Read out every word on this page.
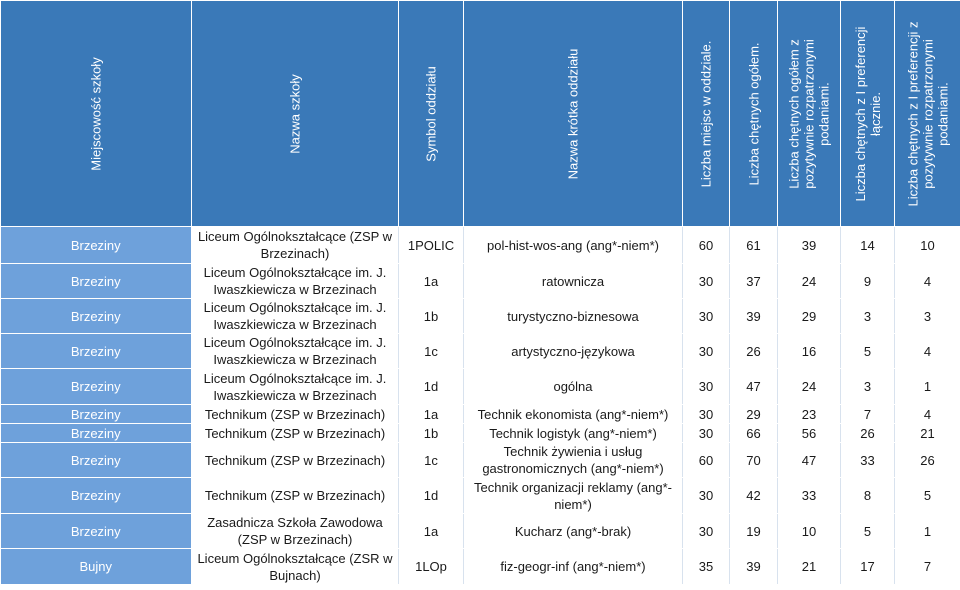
Miejscowość szkoły	Nazwa szkoły	Symbol oddziału	Nazwa krótka oddziału	Liczba miejsc w oddziale.	Liczba chętnych ogółem.	Liczba chętnych ogółem z pozytywnie rozpatrzonymi podaniami.	Liczba chętnych z I preferencji łącznie.	Liczba chętnych z I preferencji z pozytywnie rozpatrzonymi podaniami.

Brzeziny	Liceum Ogólnokształcące (ZSP w Brzezinach)	1POLIC	pol-hist-wos-ang (ang*-niem*)	60	61	39	14	10
Brzeziny	Liceum Ogólnokształcące im. J. Iwaszkiewicza w Brzezinach	1a	ratownicza	30	37	24	9	4
Brzeziny	Liceum Ogólnokształcące im. J. Iwaszkiewicza w Brzezinach	1b	turystyczno-biznesowa	30	39	29	3	3
Brzeziny	Liceum Ogólnokształcące im. J. Iwaszkiewicza w Brzezinach	1c	artystyczno-językowa	30	26	16	5	4
Brzeziny	Liceum Ogólnokształcące im. J. Iwaszkiewicza w Brzezinach	1d	ogólna	30	47	24	3	1
Brzeziny	Technikum (ZSP w Brzezinach)	1a	Technik ekonomista (ang*-niem*)	30	29	23	7	4
Brzeziny	Technikum (ZSP w Brzezinach)	1b	Technik logistyk (ang*-niem*)	30	66	56	26	21
Brzeziny	Technikum (ZSP w Brzezinach)	1c	Technik żywienia i usług gastronomicznych (ang*-niem*)	60	70	47	33	26
Brzeziny	Technikum (ZSP w Brzezinach)	1d	Technik organizacji reklamy (ang*-niem*)	30	42	33	8	5
Brzeziny	Zasadnicza Szkoła Zawodowa (ZSP w Brzezinach)	1a	Kucharz (ang*-brak)	30	19	10	5	1
Bujny	Liceum Ogólnokształcące (ZSR w Bujnach)	1LOp	fiz-geogr-inf (ang*-niem*)	35	39	21	17	7
